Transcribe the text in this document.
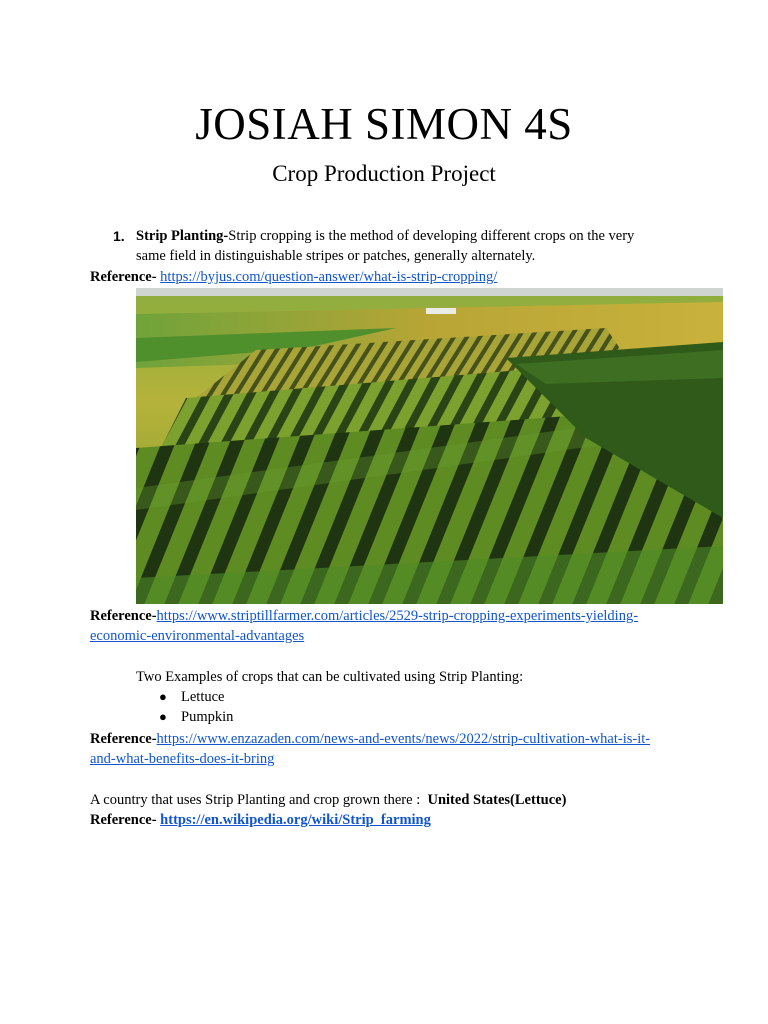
JOSIAH SIMON 4S
Crop Production Project
1. Strip Planting-Strip cropping is the method of developing different crops on the very
same field in distinguishable stripes or patches, generally alternately.
Reference- https://byjus.com/question-answer/what-is-strip-cropping/
Reference-https://www.striptillfarmer.com/articles/2529-strip-cropping-experiments-yielding-
economic-environmental-advantages
Two Examples of crops that can be cultivated using Strip Planting:
● Lettuce
● Pumpkin
Reference-https://www.enzazaden.com/news-and-events/news/2022/strip-cultivation-what-is-it-
and-what-benefits-does-it-bring
A country that uses Strip Planting and crop grown there :  United States(Lettuce)
Reference- https://en.wikipedia.org/wiki/Strip_farming
